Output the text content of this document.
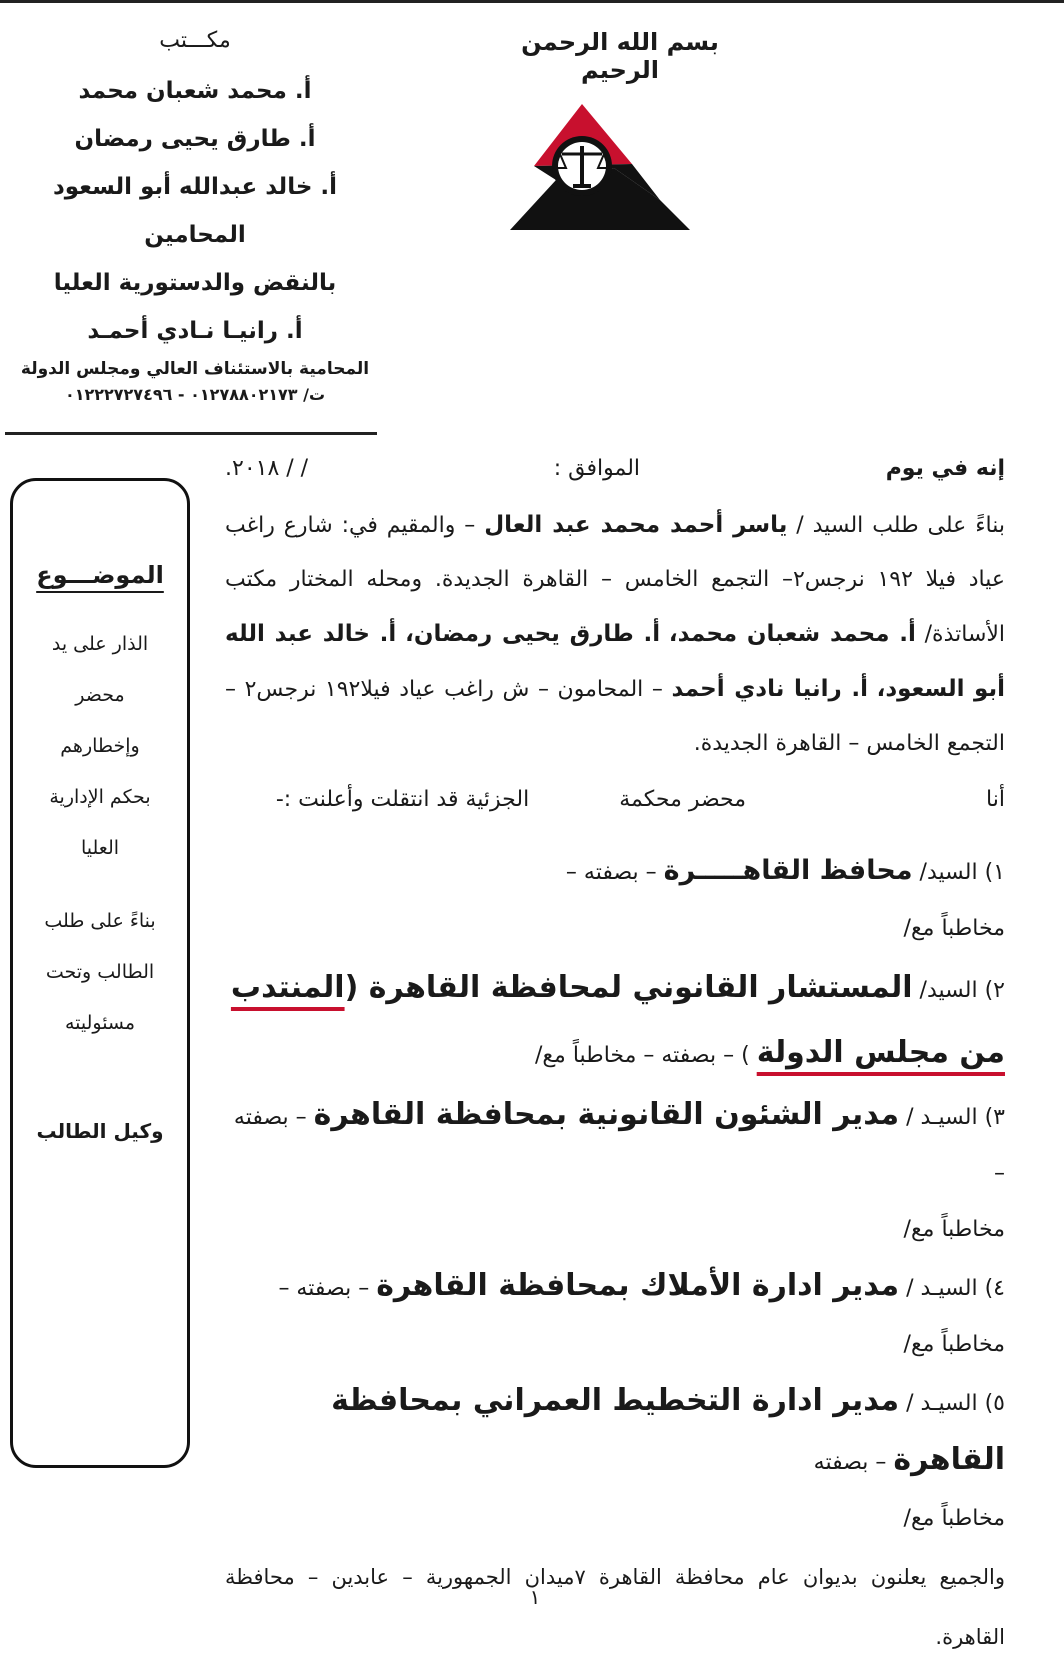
بسم الله الرحمن الرحيم
مكـــتب
أ. محمد شعبان محمد
أ. طارق يحيى رمضان
أ. خالد عبدالله أبو السعود
المحامين
بالنقض والدستورية العليا
أ. رانيـا نـادي أحمـد
المحامية بالاستئناف العالي ومجلس الدولة
ت/ ٠١٢٧٨٨٠٢١٧٣ - ٠١٢٢٢٧٢٧٤٩٦
الموضـــوع
الذار على يد
محضر
وإخطارهم
بحكم الإدارية
العليا
بناءً على طلب
الطالب وتحت
مسئوليته
وكيل الطالب
إنه في يوم
الموافق :
/ / ٢٠١٨.
بناءً على طلب السيد / ياسر أحمد محمد عبد العال – والمقيم في: شارع راغب عياد فيلا ١٩٢ نرجس٢– التجمع الخامس – القاهرة الجديدة. ومحله المختار مكتب الأساتذة/ أ. محمد شعبان محمد، أ. طارق يحيى رمضان، أ. خالد عبد الله أبو السعود، أ. رانيا نادي أحمد – المحامون – ش راغب عياد فيلا١٩٢ نرجس٢ – التجمع الخامس – القاهرة الجديدة.
أنا
محضر محكمة
الجزئية قد انتقلت وأعلنت :-
١) السيد/ محافظ القاهـــــرة – بصفته –
مخاطباً مع/
٢) السيد/ المستشار القانوني لمحافظة القاهرة (المنتدب من مجلس الدولة ) – بصفته – مخاطباً مع/
٣) السيـد / مدير الشئون القانونية بمحافظة القاهرة – بصفته –
مخاطباً مع/
٤) السيـد / مدير ادارة الأملاك بمحافظة القاهرة – بصفته –
مخاطباً مع/
٥) السيـد / مدير ادارة التخطيط العمراني بمحافظة القاهرة – بصفته
مخاطباً مع/
والجميع يعلنون بديوان عام محافظة القاهرة ٧ميدان الجمهورية – عابدين – محافظة القاهرة.
١
